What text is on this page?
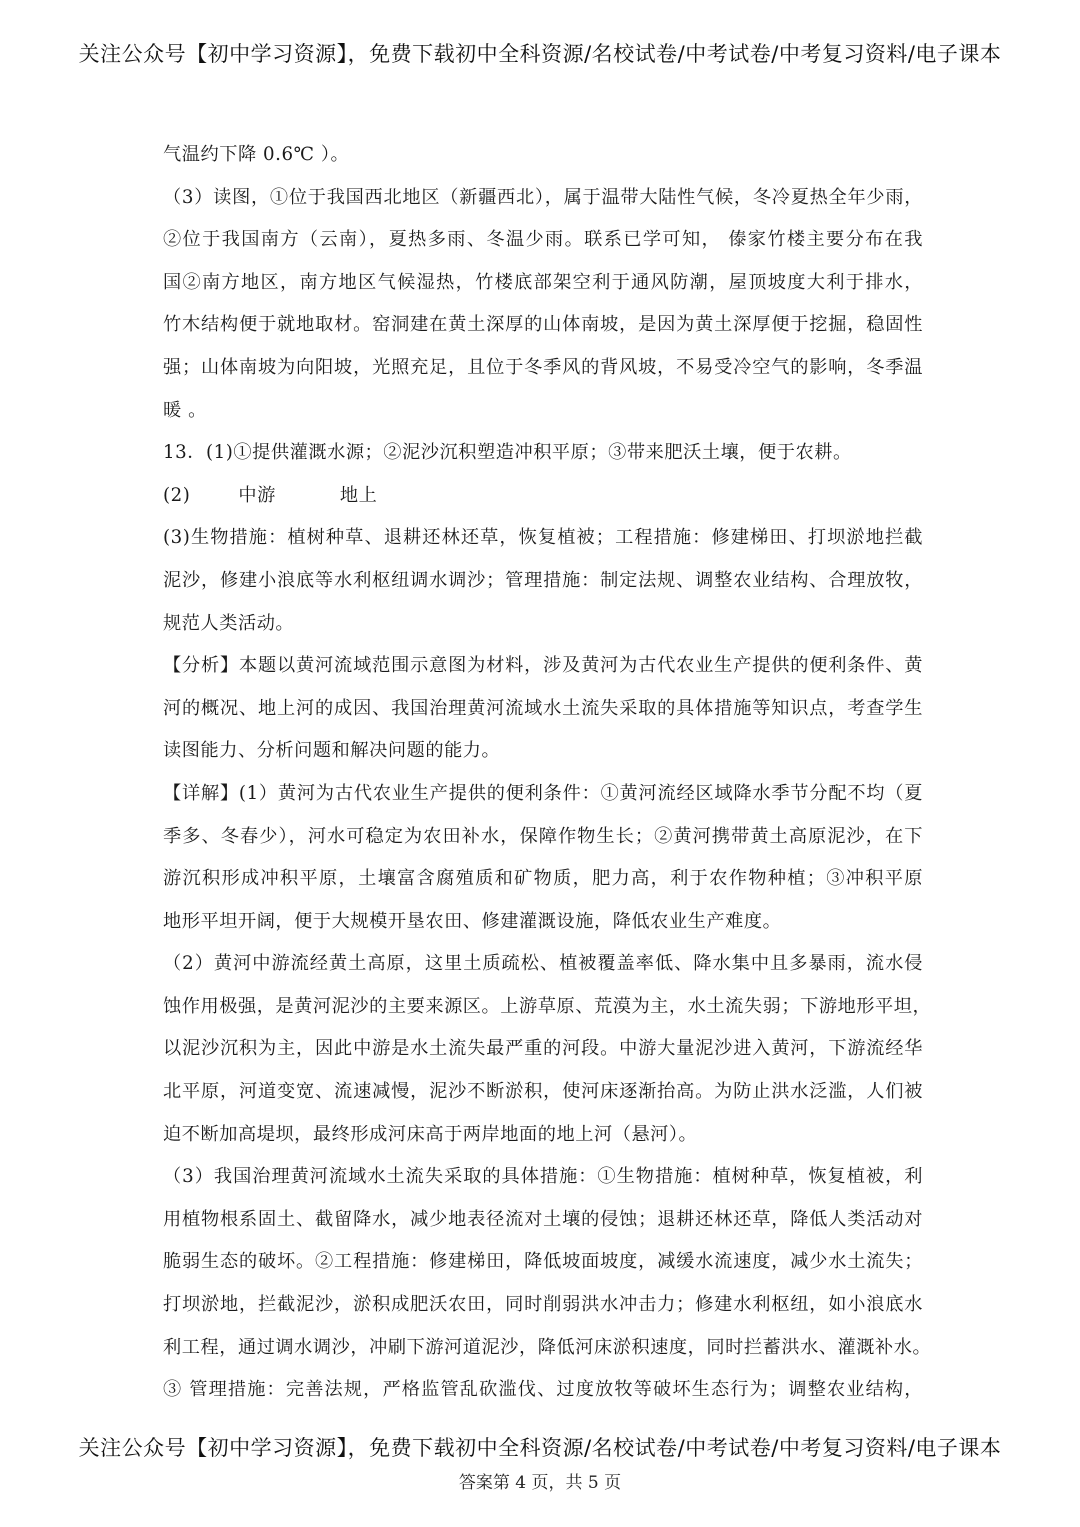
关注公众号【初中学习资源】，免费下载初中全科资源/名校试卷/中考试卷/中考复习资料/电子课本
气温约下降 0.6℃ ）。
（3）读图，①位于我国西北地区（新疆西北），属于温带大陆性气候，冬冷夏热全年少雨，
②位于我国南方（云南），夏热多雨、冬温少雨。联系已学可知， 傣家竹楼主要分布在我
国②南方地区，南方地区气候湿热，竹楼底部架空利于通风防潮，屋顶坡度大利于排水，
竹木结构便于就地取材。窑洞建在黄土深厚的山体南坡，是因为黄土深厚便于挖掘，稳固性
强；山体南坡为向阳坡，光照充足，且位于冬季风的背风坡，不易受冷空气的影响，冬季温
暖 。
13．(1)①提供灌溉水源；②泥沙沉积塑造冲积平原；③带来肥沃土壤，便于农耕。
(2)	中游	地上
(3)生物措施：植树种草、退耕还林还草，恢复植被；工程措施：修建梯田、打坝淤地拦截
泥沙，修建小浪底等水利枢纽调水调沙；管理措施：制定法规、调整农业结构、合理放牧，
规范人类活动。
【分析】本题以黄河流域范围示意图为材料，涉及黄河为古代农业生产提供的便利条件、黄
河的概况、地上河的成因、我国治理黄河流域水土流失采取的具体措施等知识点，考查学生
读图能力、分析问题和解决问题的能力。
【详解】(1）黄河为古代农业生产提供的便利条件：①黄河流经区域降水季节分配不均（夏
季多、冬春少），河水可稳定为农田补水，保障作物生长；②黄河携带黄土高原泥沙，在下
游沉积形成冲积平原，土壤富含腐殖质和矿物质，肥力高，利于农作物种植；③冲积平原
地形平坦开阔，便于大规模开垦农田、修建灌溉设施，降低农业生产难度。
（2）黄河中游流经黄土高原，这里土质疏松、植被覆盖率低、降水集中且多暴雨，流水侵
蚀作用极强，是黄河泥沙的主要来源区。上游草原、荒漠为主，水土流失弱；下游地形平坦，
以泥沙沉积为主，因此中游是水土流失最严重的河段。中游大量泥沙进入黄河，下游流经华
北平原，河道变宽、流速减慢，泥沙不断淤积，使河床逐渐抬高。为防止洪水泛滥，人们被
迫不断加高堤坝，最终形成河床高于两岸地面的地上河（悬河）。
（3）我国治理黄河流域水土流失采取的具体措施：①生物措施：植树种草，恢复植被，利
用植物根系固土、截留降水，减少地表径流对土壤的侵蚀；退耕还林还草，降低人类活动对
脆弱生态的破坏。②工程措施：修建梯田，降低坡面坡度，减缓水流速度，减少水土流失；
打坝淤地，拦截泥沙，淤积成肥沃农田，同时削弱洪水冲击力；修建水利枢纽，如小浪底水
利工程，通过调水调沙，冲刷下游河道泥沙，降低河床淤积速度，同时拦蓄洪水、灌溉补水。
③ 管理措施：完善法规，严格监管乱砍滥伐、过度放牧等破坏生态行为；调整农业结构，
关注公众号【初中学习资源】，免费下载初中全科资源/名校试卷/中考试卷/中考复习资料/电子课本
答案第 4 页，共 5 页
